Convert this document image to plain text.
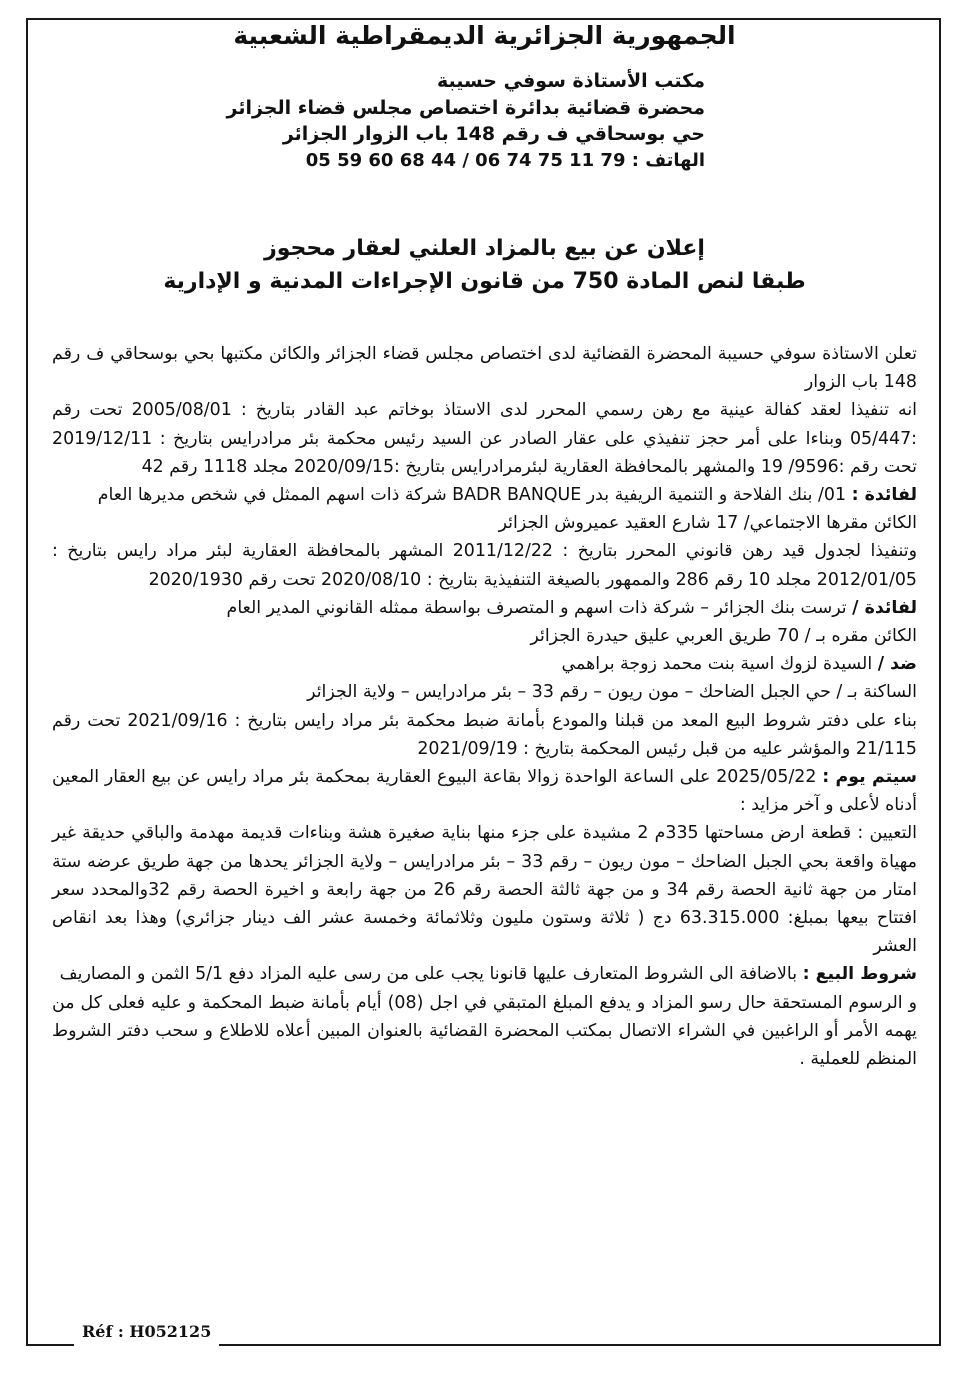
الجمهورية الجزائرية الديمقراطية الشعبية
مكتب الأستاذة سوفي حسيبة
محضرة قضائية بدائرة اختصاص مجلس قضاء الجزائر
حي بوسحاقي ف رقم 148 باب الزوار الجزائر
الهاتف : 05 59 60 68 44 / 06 74 75 11 79
إعلان عن بيع بالمزاد العلني لعقار محجوز
طبقا لنص المادة 750 من قانون الإجراءات المدنية و الإدارية

تعلن الاستاذة سوفي حسيبة المحضرة القضائية لدى اختصاص مجلس قضاء الجزائر والكائن مكتبها بحي بوسحاقي ف رقم 148 باب الزوار

انه تنفيذا لعقد كفالة عينية مع رهن رسمي المحرر لدى الاستاذ بوخاتم عبد القادر بتاريخ : 2005/08/01 تحت رقم :05/447 وبناءا على أمر حجز تنفيذي على عقار الصادر عن السيد رئيس محكمة بئر مرادرايس بتاريخ : 2019/12/11 تحت رقم :9596/ 19 والمشهر بالمحافظة العقارية لبئرمرادرايس بتاريخ :2020/09/15 مجلد 1118 رقم 42

لفائدة : 01/ بنك الفلاحة و التنمية الريفية بدر BADR BANQUE شركة ذات اسهم الممثل في شخص مديرها العام

الكائن مقرها الاجتماعي/ 17 شارع العقيد عميروش الجزائر

وتنفيذا لجدول قيد رهن قانوني المحرر بتاريخ : 2011/12/22 المشهر بالمحافظة العقارية لبئر مراد رايس بتاريخ : 2012/01/05 مجلد 10 رقم 286 والممهور بالصيغة التنفيذية بتاريخ : 2020/08/10 تحت رقم 2020/1930

لفائدة / ترست بنك الجزائر – شركة ذات اسهم و المتصرف بواسطة ممثله القانوني المدير العام

الكائن مقره بـ / 70 طريق العربي عليق حيدرة الجزائر

ضد / السيدة لزوك اسية بنت محمد زوجة براهمي

الساكنة بـ / حي الجبل الضاحك – مون ريون – رقم 33 – بئر مرادرايس – ولاية الجزائر

بناء على دفتر شروط البيع المعد من قبلنا والمودع بأمانة ضبط محكمة بئر مراد رايس بتاريخ : 2021/09/16 تحت رقم 21/115 والمؤشر عليه من قبل رئيس المحكمة بتاريخ : 2021/09/19

سيتم يوم : 2025/05/22 على الساعة الواحدة زوالا بقاعة البيوع العقارية بمحكمة بئر مراد رايس عن بيع العقار المعين أدناه لأعلى و آخر مزايد :

التعيين : قطعة ارض مساحتها 335م 2 مشيدة على جزء منها بناية صغيرة هشة وبناءات قديمة مهدمة والباقي حديقة غير مهياة واقعة بحي الجبل الضاحك – مون ريون – رقم 33 – بئر مرادرايس – ولاية الجزائر يحدها من جهة طريق عرضه ستة امتار من جهة ثانية الحصة رقم 34 و من جهة ثالثة الحصة رقم 26 من جهة رابعة و اخيرة الحصة رقم 32والمحدد سعر افتتاح بيعها بمبلغ: 63.315.000 دج ( ثلاثة وستون مليون وثلاثمائة وخمسة عشر الف دينار جزائري) وهذا بعد انقاص العشر

شروط البيع : بالاضافة الى الشروط المتعارف عليها قانونا يجب على من رسى عليه المزاد دفع 5/1 الثمن و المصاريف

و الرسوم المستحقة حال رسو المزاد و يدفع المبلغ المتبقي في اجل (08) أيام بأمانة ضبط المحكمة و عليه فعلى كل من يهمه الأمر أو الراغبين في الشراء الاتصال بمكتب المحضرة القضائية بالعنوان المبين أعلاه للاطلاع و سحب دفتر الشروط المنظم للعملية .

Réf : H052125
